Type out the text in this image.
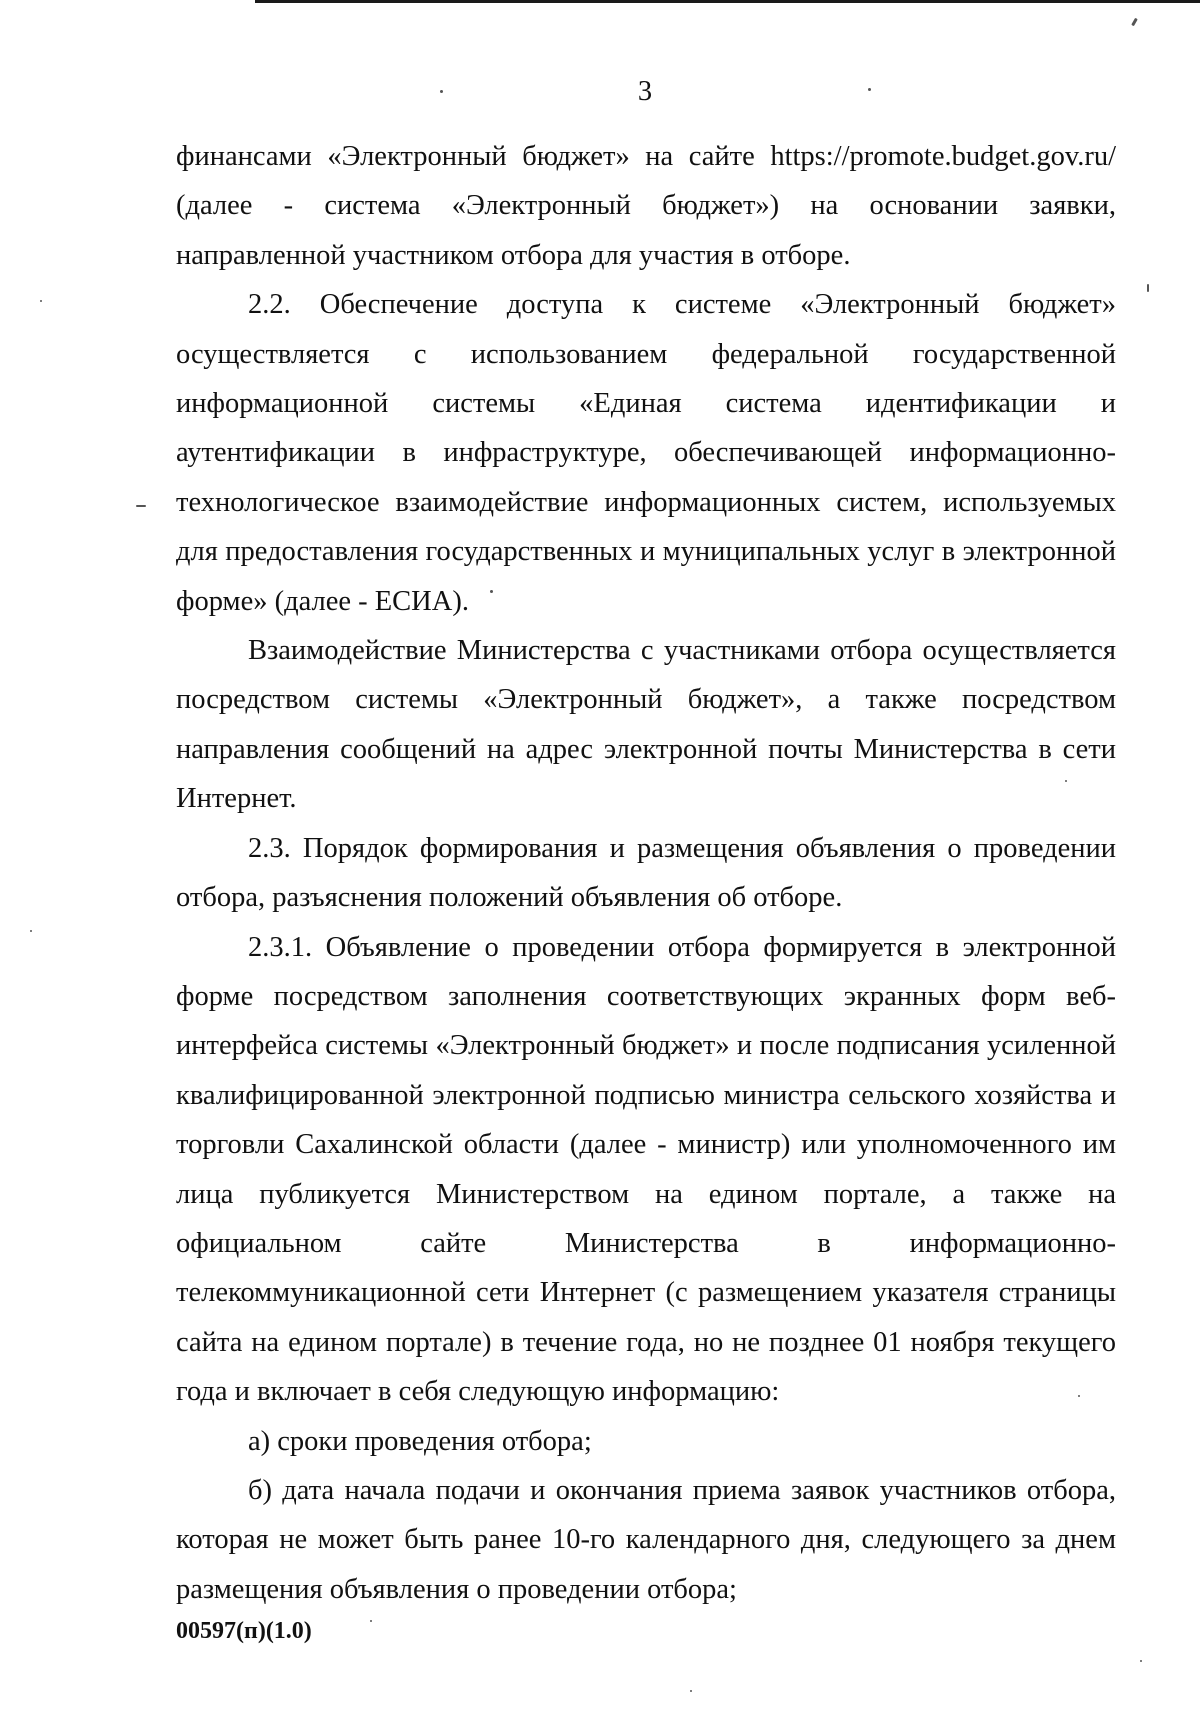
3

финансами «Электронный бюджет» на сайте https://promote.budget.gov.ru/ (далее - система «Электронный бюджет») на основании заявки, направленной участником отбора для участия в отборе.

2.2. Обеспечение доступа к системе «Электронный бюджет» осуществляется с использованием федеральной государственной информационной системы «Единая система идентификации и аутентификации в инфраструктуре, обеспечивающей информационно-технологическое взаимодействие информационных систем, используемых для предоставления государственных и муниципальных услуг в электронной форме» (далее - ЕСИА).

Взаимодействие Министерства с участниками отбора осуществляется посредством системы «Электронный бюджет», а также посредством направления сообщений на адрес электронной почты Министерства в сети Интернет.

2.3. Порядок формирования и размещения объявления о проведении отбора, разъяснения положений объявления об отборе.

2.3.1. Объявление о проведении отбора формируется в электронной форме посредством заполнения соответствующих экранных форм веб-интерфейса системы «Электронный бюджет» и после подписания усиленной квалифицированной электронной подписью министра сельского хозяйства и торговли Сахалинской области (далее - министр) или уполномоченного им лица публикуется Министерством на едином портале, а также на официальном сайте Министерства в информационно-телекоммуникационной сети Интернет (с размещением указателя страницы сайта на едином портале) в течение года, но не позднее 01 ноября текущего года и включает в себя следующую информацию:

а) сроки проведения отбора;

б) дата начала подачи и окончания приема заявок участников отбора, которая не может быть ранее 10-го календарного дня, следующего за днем размещения объявления о проведении отбора;

00597(п)(1.0)
